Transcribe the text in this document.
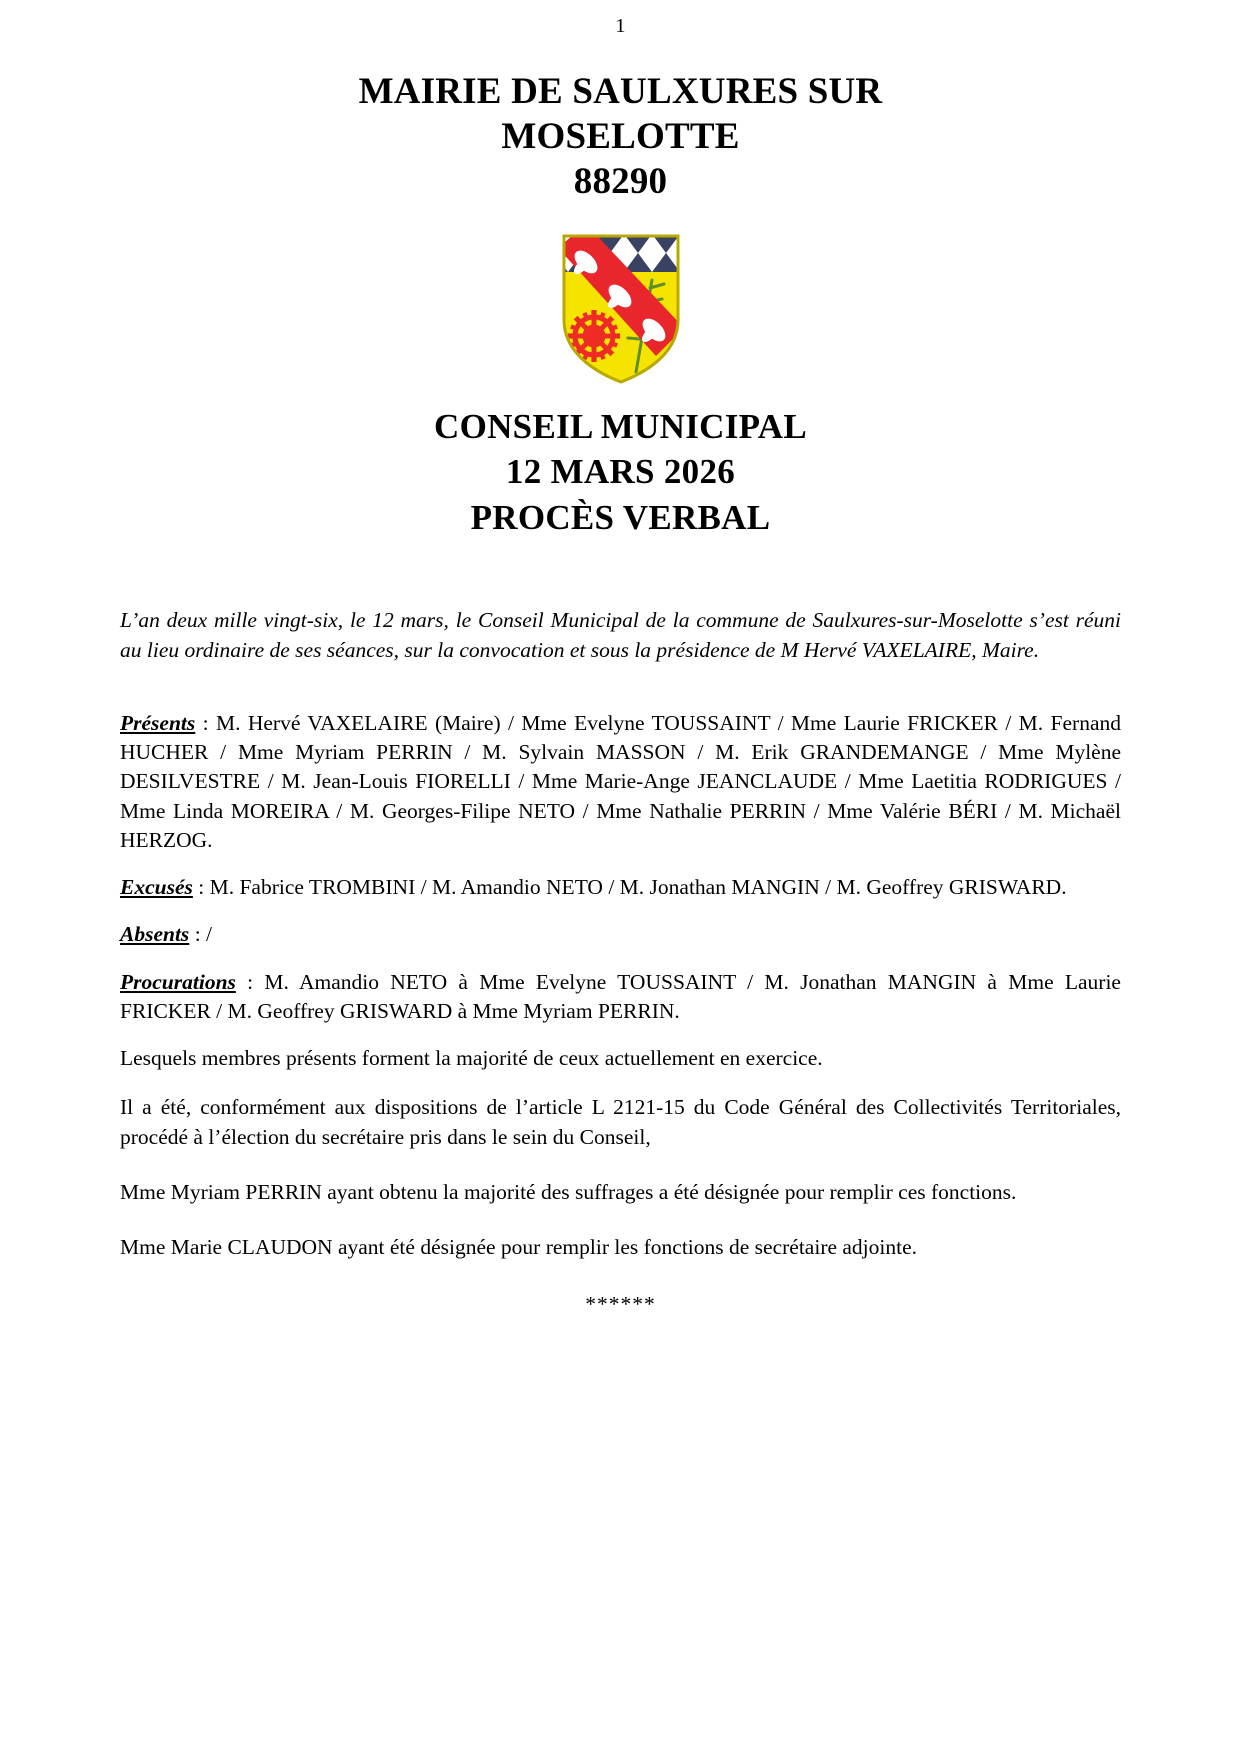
1
MAIRIE DE SAULXURES SUR
MOSELOTTE
88290
CONSEIL MUNICIPAL
12 MARS 2026
PROCÈS VERBAL

L’an deux mille vingt-six, le 12 mars, le Conseil Municipal de la commune de Saulxures-sur-Moselotte s’est réuni au lieu ordinaire de ses séances, sur la convocation et sous la présidence de M Hervé VAXELAIRE, Maire.

Présents : M. Hervé VAXELAIRE (Maire) / Mme Evelyne TOUSSAINT / Mme Laurie FRICKER / M. Fernand HUCHER / Mme Myriam PERRIN / M. Sylvain MASSON / M. Erik GRANDEMANGE / Mme Mylène DESILVESTRE / M. Jean-Louis FIORELLI / Mme Marie-Ange JEANCLAUDE / Mme Laetitia RODRIGUES / Mme Linda MOREIRA / M. Georges-Filipe NETO / Mme Nathalie PERRIN / Mme Valérie BÉRI / M. Michaël HERZOG.

Excusés : M. Fabrice TROMBINI / M. Amandio NETO / M. Jonathan MANGIN / M. Geoffrey GRISWARD.

Absents : /

Procurations : M. Amandio NETO à Mme Evelyne TOUSSAINT / M. Jonathan MANGIN à Mme Laurie FRICKER / M. Geoffrey GRISWARD à Mme Myriam PERRIN.

Lesquels membres présents forment la majorité de ceux actuellement en exercice.

Il a été, conformément aux dispositions de l’article L 2121-15 du Code Général des Collectivités Territoriales, procédé à l’élection du secrétaire pris dans le sein du Conseil,

Mme Myriam PERRIN ayant obtenu la majorité des suffrages a été désignée pour remplir ces fonctions.

Mme Marie CLAUDON ayant été désignée pour remplir les fonctions de secrétaire adjointe.

******
